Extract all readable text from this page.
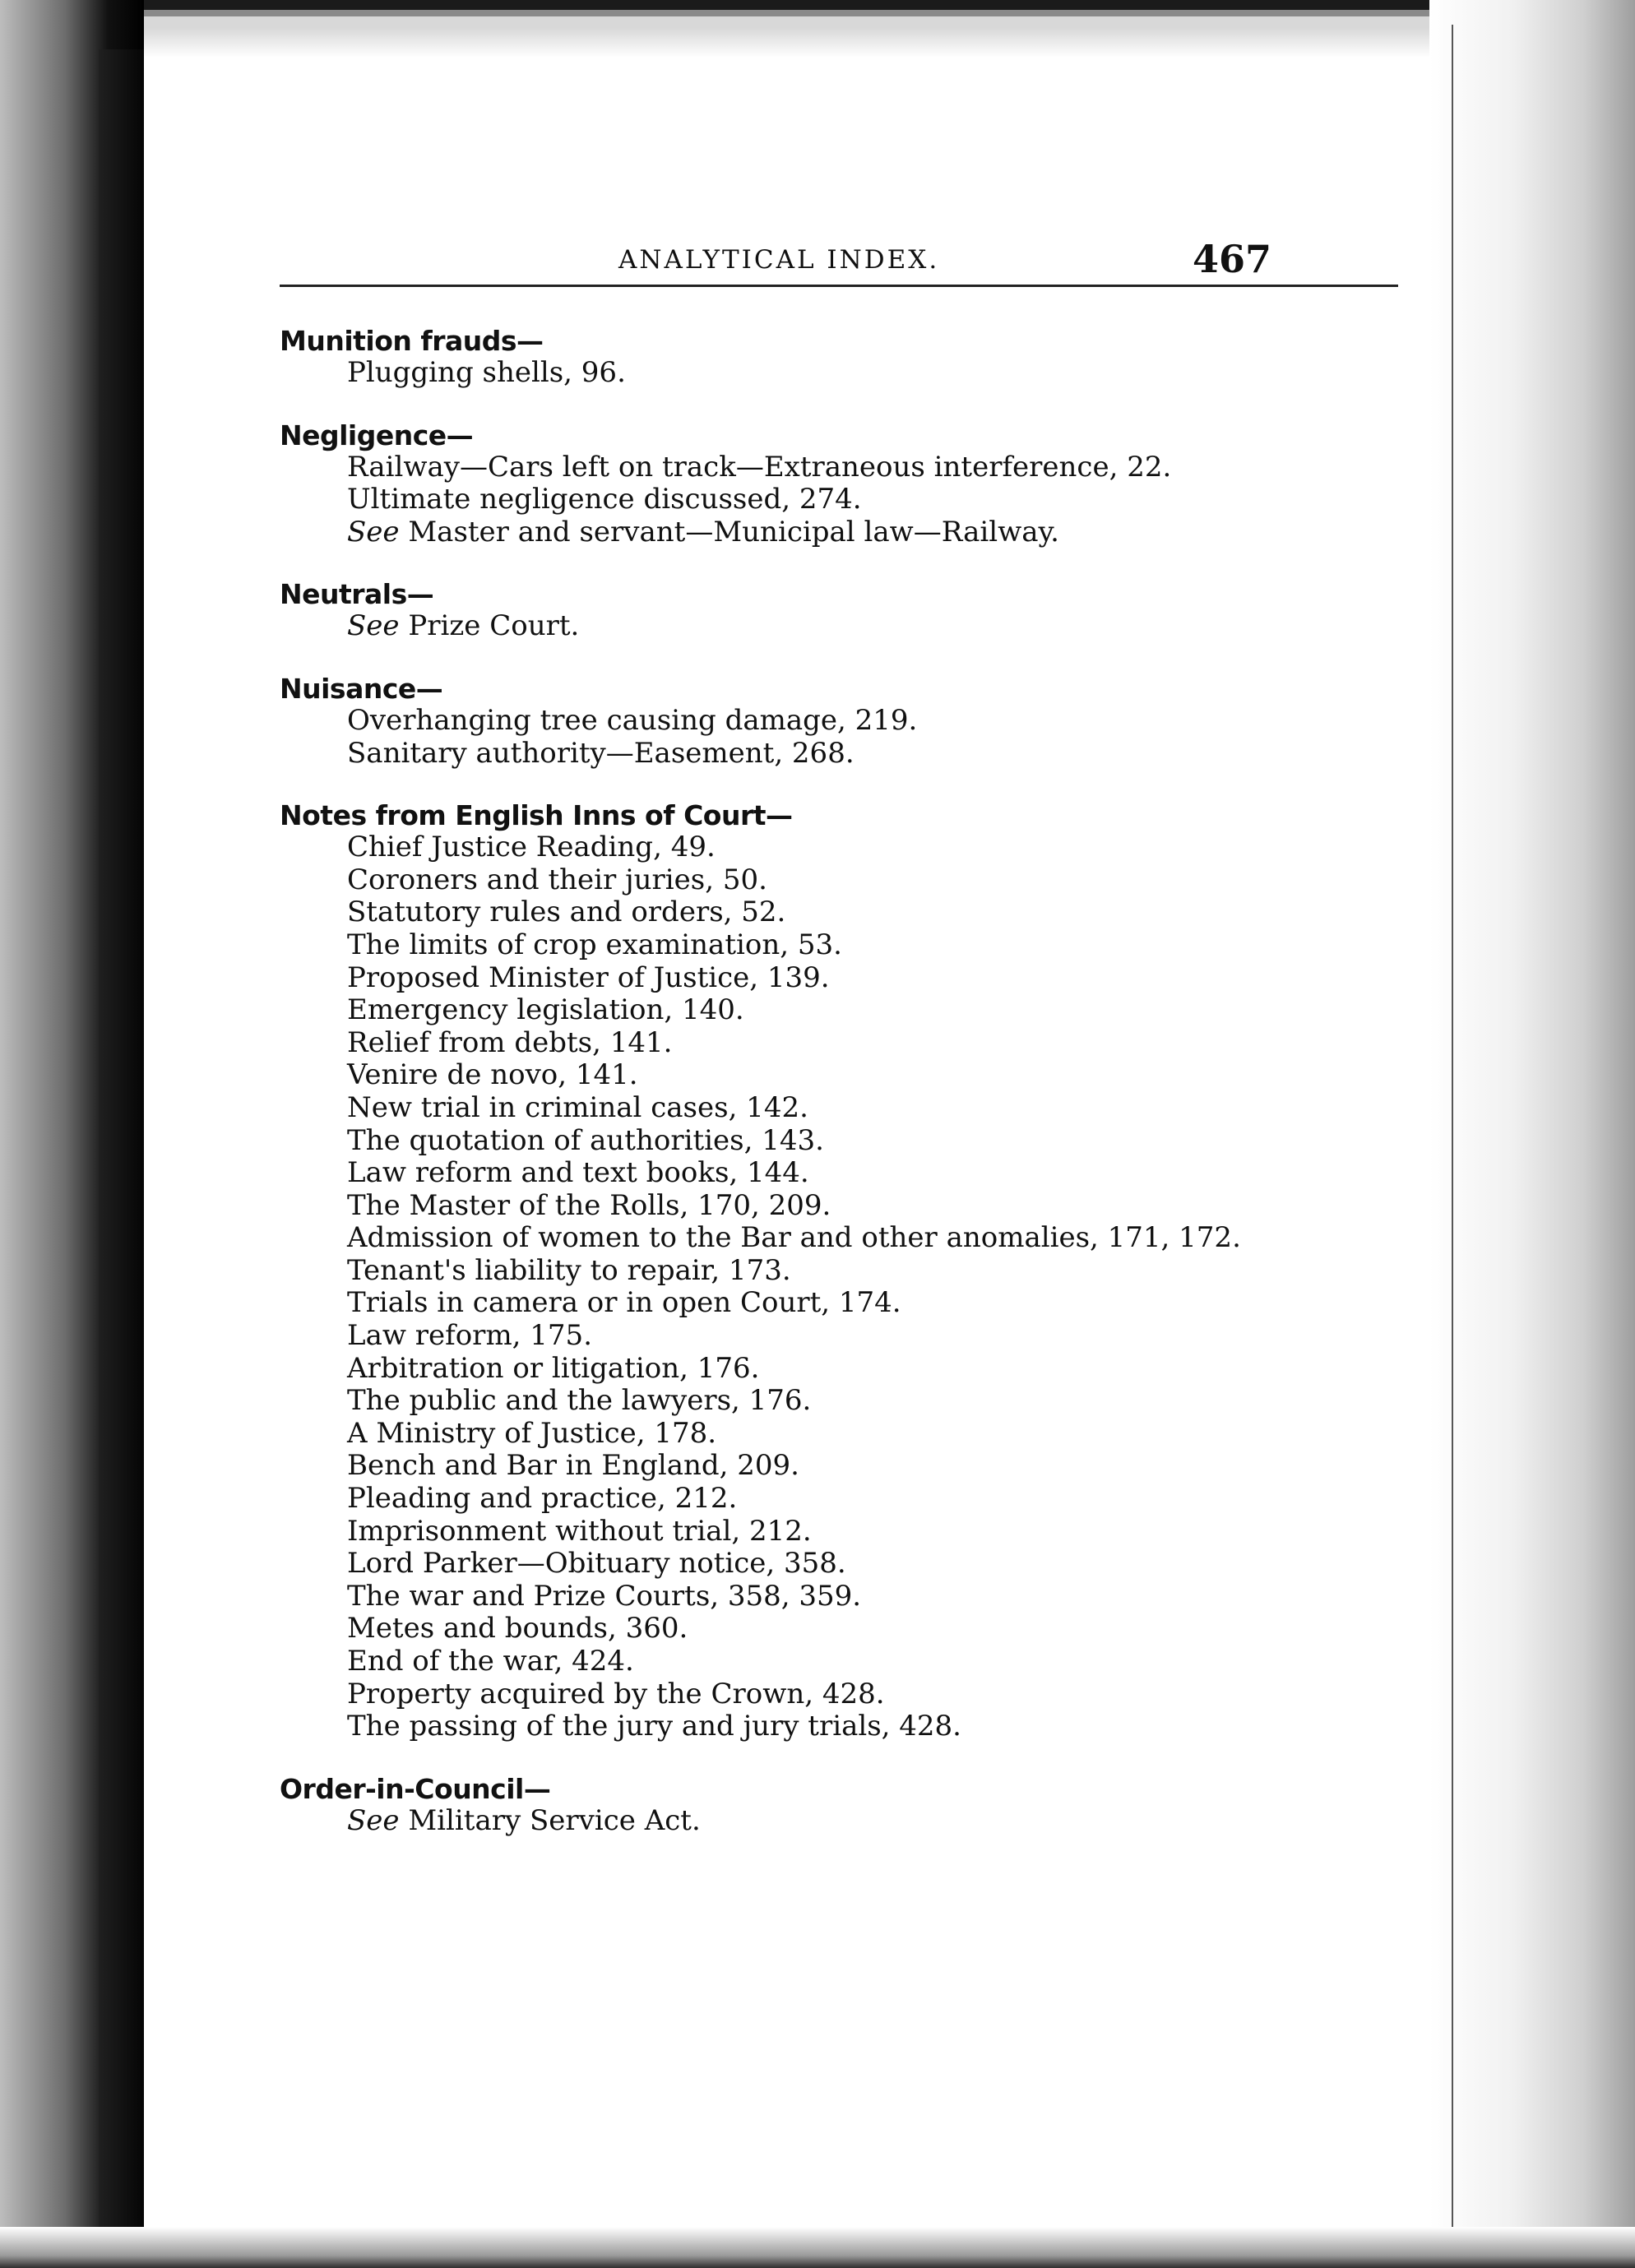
ANALYTICAL INDEX.	467
Munition frauds—
Plugging shells, 96.
Negligence—
Railway—Cars left on track—Extraneous interference, 22.
Ultimate negligence discussed, 274.
See Master and servant—Municipal law—Railway.
Neutrals—
See Prize Court.
Nuisance—
Overhanging tree causing damage, 219.
Sanitary authority—Easement, 268.
Notes from English Inns of Court—
Chief Justice Reading, 49.
Coroners and their juries, 50.
Statutory rules and orders, 52.
The limits of crop examination, 53.
Proposed Minister of Justice, 139.
Emergency legislation, 140.
Relief from debts, 141.
Venire de novo, 141.
New trial in criminal cases, 142.
The quotation of authorities, 143.
Law reform and text books, 144.
The Master of the Rolls, 170, 209.
Admission of women to the Bar and other anomalies, 171, 172.
Tenant's liability to repair, 173.
Trials in camera or in open Court, 174.
Law reform, 175.
Arbitration or litigation, 176.
The public and the lawyers, 176.
A Ministry of Justice, 178.
Bench and Bar in England, 209.
Pleading and practice, 212.
Imprisonment without trial, 212.
Lord Parker—Obituary notice, 358.
The war and Prize Courts, 358, 359.
Metes and bounds, 360.
End of the war, 424.
Property acquired by the Crown, 428.
The passing of the jury and jury trials, 428.
Order-in-Council—
See Military Service Act.
